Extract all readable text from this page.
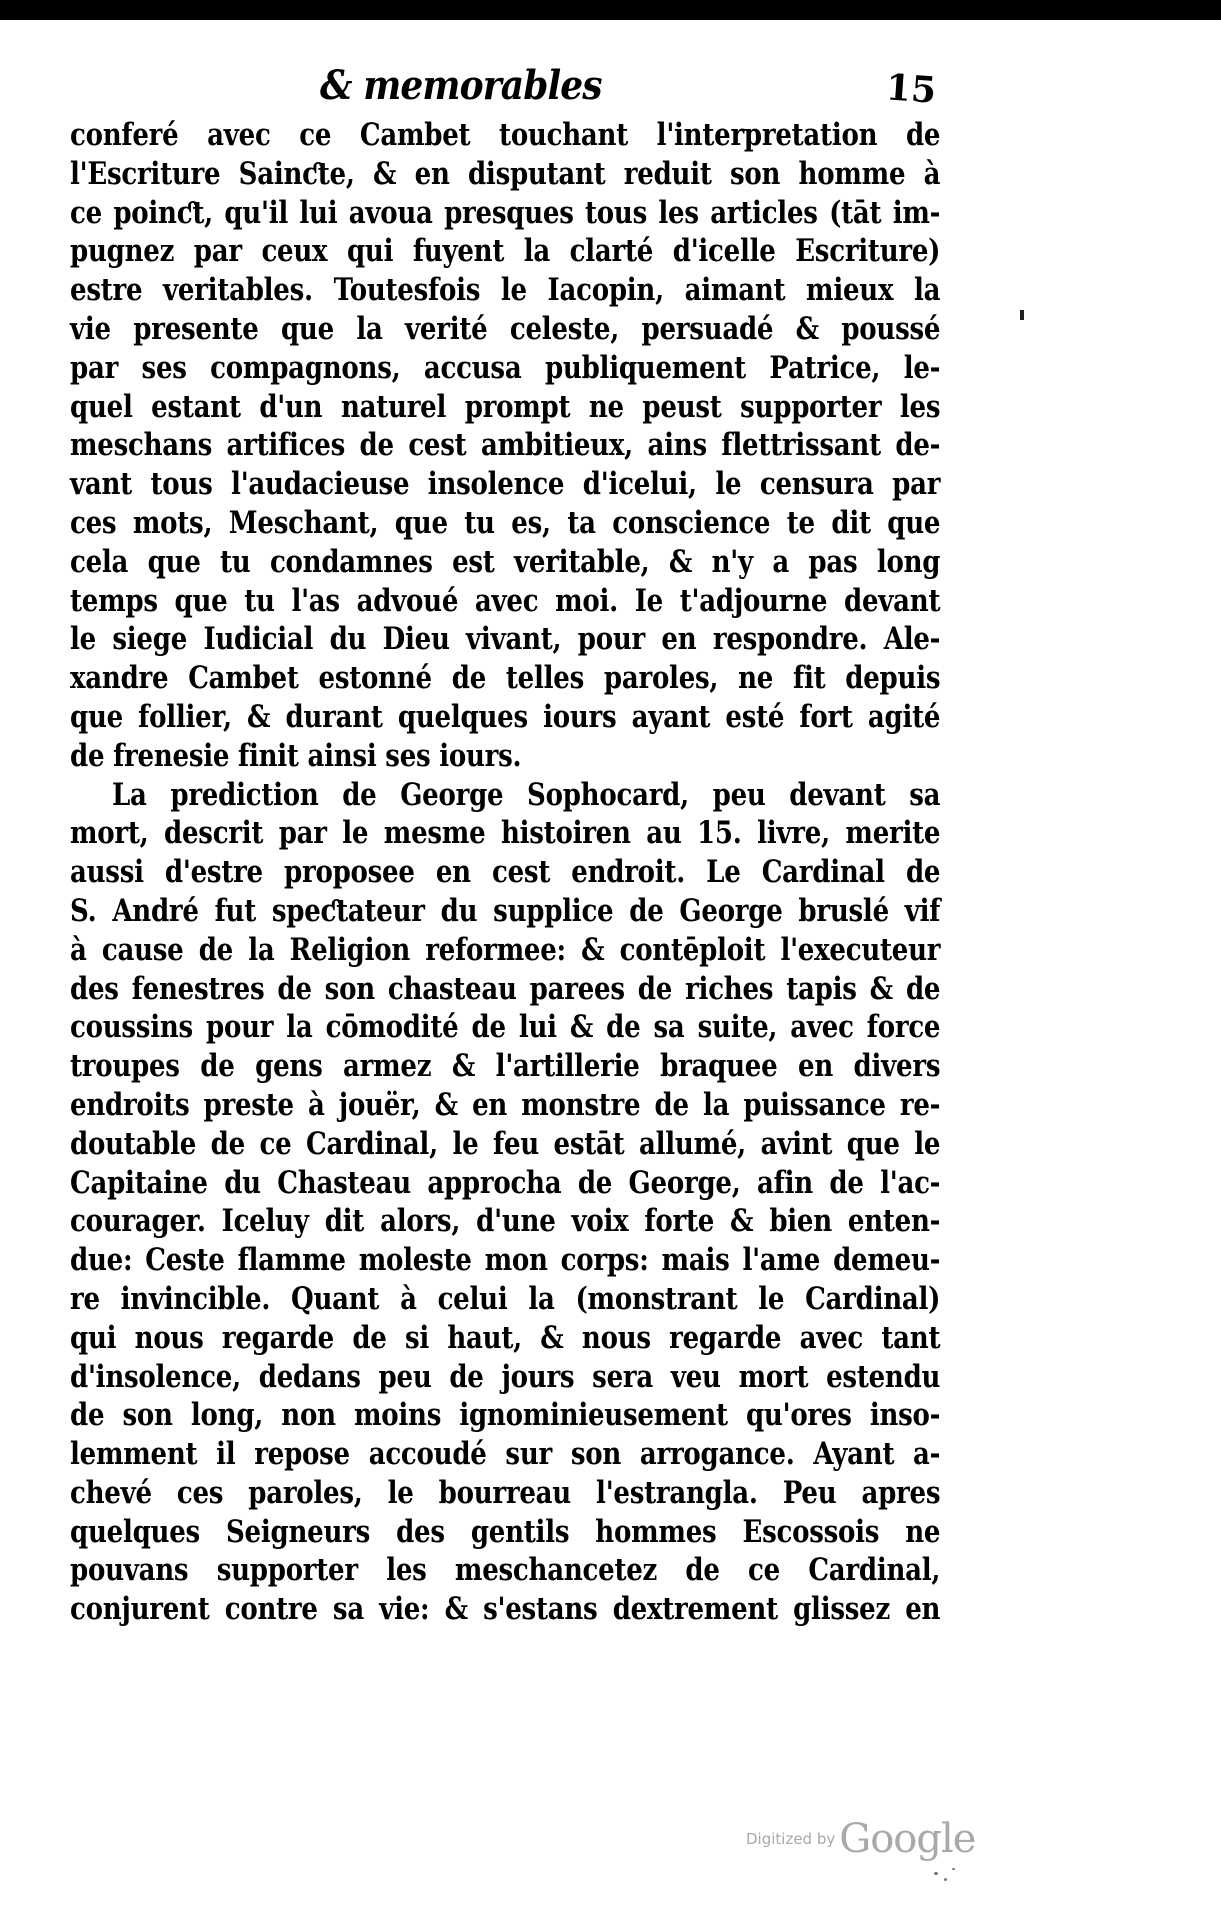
& memorables	15
conferé avec ce Cambet touchant l'interpretation de
l'Escriture Sainƈte, & en disputant reduit son homme à
ce poinƈt, qu'il lui avoua presques tous les articles (tāt im-
pugnez par ceux qui fuyent la clarté d'icelle Escriture)
estre veritables. Toutesfois le Iacopin, aimant mieux la
vie presente que la verité celeste, persuadé & poussé
par ses compagnons, accusa publiquement Patrice, le-
quel estant d'un naturel prompt ne peust supporter les
meschans artifices de cest ambitieux, ains flettrissant de-
vant tous l'audacieuse insolence d'icelui, le censura par
ces mots, Meschant, que tu es, ta conscience te dit que
cela que tu condamnes est veritable, & n'y a pas long
temps que tu l'as advoué avec moi. Ie t'adjourne devant
le siege Iudicial du Dieu vivant, pour en respondre. Ale-
xandre Cambet estonné de telles paroles, ne fit depuis
que follier, & durant quelques iours ayant esté fort agité
de frenesie finit ainsi ses iours.
La prediction de George Sophocard, peu devant sa
mort, descrit par le mesme histoiren au 15. livre, merite
aussi d'estre proposee en cest endroit. Le Cardinal de
S. André fut speƈtateur du supplice de George bruslé vif
à cause de la Religion reformee: & contēploit l'executeur
des fenestres de son chasteau parees de riches tapis & de
coussins pour la cōmodité de lui & de sa suite, avec force
troupes de gens armez & l'artillerie braquee en divers
endroits preste à jouër, & en monstre de la puissance re-
doutable de ce Cardinal, le feu estāt allumé, avint que le
Capitaine du Chasteau approcha de George, afin de l'ac-
courager. Iceluy dit alors, d'une voix forte & bien enten-
due: Ceste flamme moleste mon corps: mais l'ame demeu-
re invincible. Quant à celui la (monstrant le Cardinal)
qui nous regarde de si haut, & nous regarde avec tant
d'insolence, dedans peu de jours sera veu mort estendu
de son long, non moins ignominieusement qu'ores inso-
lemment il repose accoudé sur son arrogance. Ayant a-
chevé ces paroles, le bourreau l'estrangla. Peu apres
quelques Seigneurs des gentils hommes Escossois ne
pouvans supporter les meschancetez de ce Cardinal,
conjurent contre sa vie: & s'estans dextrement glissez en
Digitized by Google
